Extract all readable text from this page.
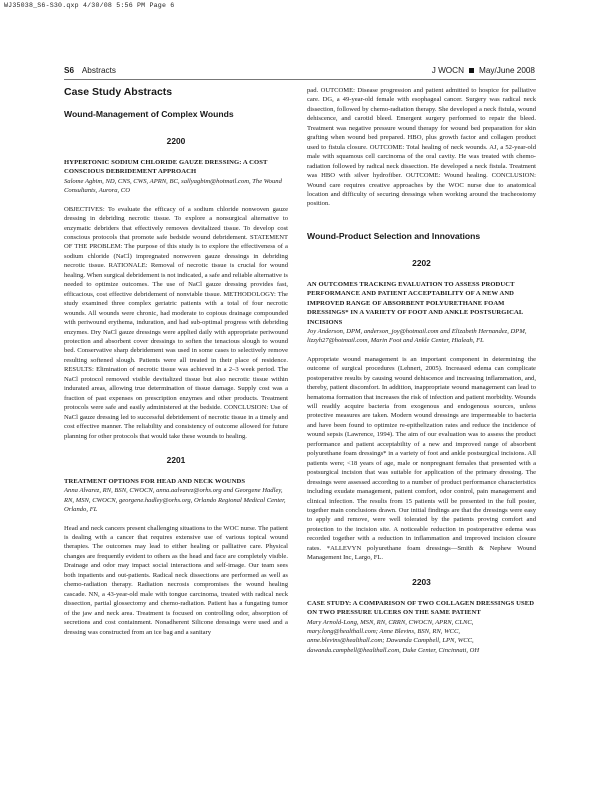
WJ35038_S6-S30.qxp 4/30/08 5:56 PM Page 6
S6 Abstracts	J WOCN May/June 2008
Case Study Abstracts
Wound-Management of Complex Wounds
2200

HYPERTONIC SODIUM CHLORIDE GAUZE DRESSING: A COST CONSCIOUS DEBRIDEMENT APPROACH

Salome Agbim, ND, CNS, CWS, APRN, BC, sallyagbim@hotmail.com, The Wound Consultants, Aurora, CO

OBJECTIVES: To evaluate the efficacy of a sodium chloride nonwoven gauze dressing in debriding necrotic tissue. To explore a nonsurgical alternative to enzymatic debriders that effectively removes devitalized tissue. To develop cost conscious protocols that promote safe bedside wound debridement. STATEMENT OF THE PROBLEM: The purpose of this study is to explore the effectiveness of a sodium chloride (NaCl) impregnated nonwoven gauze dressings in debriding necrotic tissue. RATIONALE: Removal of necrotic tissue is crucial for wound healing. When surgical debridement is not indicated, a safe and reliable alternative is needed to optimize outcomes. The use of NaCl gauze dressing provides fast, efficacious, cost effective debridement of nonviable tissue. METHODOLOGY: The study examined three complex geriatric patients with a total of four necrotic wounds. All wounds were chronic, had moderate to copious drainage compounded with periwound erythema, induration, and had sub-optimal progress with debriding enzymes. Dry NaCl gauze dressings were applied daily with appropriate periwound protection and absorbent cover dressings to soften the tenacious slough to wound bed. Conservative sharp debridement was used in some cases to selectively remove resulting softened slough. Patients were all treated in their place of residence. RESULTS: Elimination of necrotic tissue was achieved in a 2–3 week period. The NaCl protocol removed visible devitalized tissue but also necrotic tissue within indurated areas, allowing true determination of tissue damage. Supply cost was a fraction of past expenses on prescription enzymes and other products. Treatment protocols were safe and easily administered at the bedside. CONCLUSION: Use of NaCl gauze dressing led to successful debridement of necrotic tissue in a timely and cost effective manner. The reliability and consistency of outcome allowed for future planning for other protocols that would take these wounds to healing.

2201

TREATMENT OPTIONS FOR HEAD AND NECK WOUNDS

Anna Alvarez, RN, BSN, CWOCN, anna.aalvarez@orhs.org and Georgene Hadley, RN, MSN, CWOCN, georgene.hadley@orhs.org, Orlando Regional Medical Center, Orlando, FL

Head and neck cancers present challenging situations to the WOC nurse. The patient is dealing with a cancer that requires extensive use of various topical wound therapies. The outcomes may lead to either healing or palliative care. Physical changes are frequently evident to others as the head and face are completely visible. Drainage and odor may impact social interactions and self-image. Our team sees both inpatients and out-patients. Radical neck dissections are performed as well as chemo-radiation therapy. Radiation necrosis compromises the wound healing cascade. NN, a 43-year-old male with tongue carcinoma, treated with radical neck dissection, partial glossectomy and chemo-radiation. Patient has a fungating tumor of the jaw and neck area. Treatment is focused on controlling odor, absorption of secretions and cost containment. Nonadherent Silicone dressings were used and a dressing was constructed from an ice bag and a sanitary

pad. OUTCOME: Disease progression and patient admitted to hospice for palliative care. DG, a 49-year-old female with esophageal cancer. Surgery was radical neck dissection, followed by chemo-radiation therapy. She developed a neck fistula, wound dehiscence, and carotid bleed. Emergent surgery performed to repair the bleed. Treatment was negative pressure wound therapy for wound bed preparation for skin grafting when wound bed prepared. HBO, plus growth factor and collagen product used to fistula closure. OUTCOME: Total healing of neck wounds. AJ, a 52-year-old male with squamous cell carcinoma of the oral cavity. He was treated with chemo-radiation followed by radical neck dissection. He developed a neck fistula. Treatment was HBO with silver hydrofiber. OUTCOME: Wound healing. CONCLUSION: Wound care requires creative approaches by the WOC nurse due to anatomical location and difficulty of securing dressings when working around the tracheostomy position.

Wound-Product Selection and Innovations
2202

AN OUTCOMES TRACKING EVALUATION TO ASSESS PRODUCT PERFORMANCE AND PATIENT ACCEPTABILITY OF A NEW AND IMPROVED RANGE OF ABSORBENT POLYURETHANE FOAM DRESSINGS* IN A VARIETY OF FOOT AND ANKLE POSTSURGICAL INCISIONS

Joy Anderson, DPM, anderson_joy@hotmail.com and Elizabeth Hernandez, DPM, lizzyh27@hotmail.com, Marin Foot and Ankle Center, Hialeah, FL

Appropriate wound management is an important component in determining the outcome of surgical procedures (Lehnert, 2005). Increased edema can complicate postoperative results by causing wound dehiscence and increasing inflammation, and, thereby, patient discomfort. In addition, inappropriate wound management can lead to hematoma formation that increases the risk of infection and patient morbidity. Wounds will readily acquire bacteria from exogenous and endogenous sources, unless protective measures are taken. Modern wound dressings are impermeable to bacteria and have been found to optimize re-epithelization rates and reduce the incidence of wound sepsis (Lawrence, 1994). The aim of our evaluation was to assess the product performance and patient acceptability of a new and improved range of absorbent polyurethane foam dressings* in a variety of foot and ankle postsurgical incisions. All patients were; <18 years of age, male or nonpregnant females that presented with a postsurgical incision that was suitable for application of the primary dressing. The dressings were assessed according to a number of product performance characteristics including exudate management, patient comfort, odor control, pain management and clinical infection. The results from 15 patients will be presented in the full poster, together main conclusions drawn. Our initial findings are that the dressings were easy to apply and remove, were well tolerated by the patients proving comfort and protection to the incision site. A noticeable reduction in postoperative edema was recorded together with a reduction in inflammation and improved incision closure rates. *ALLEVYN polyurethane foam dressings—Smith & Nephew Wound Management Inc, Largo, FL.

2203

CASE STUDY: A COMPARISON OF TWO COLLAGEN DRESSINGS USED ON TWO PRESSURE ULCERS ON THE SAME PATIENT

Mary Arnold-Long, MSN, RN, CRRN, CWOCN, APRN, CLNC, mary.long@healthall.com; Anne Blevins, BSN, RN, WCC, anne.blevins@healthall.com; Dawanda Campbell, LPN, WCC, dawanda.campbell@healthall.com, Duke Center, Cincinnati, OH
